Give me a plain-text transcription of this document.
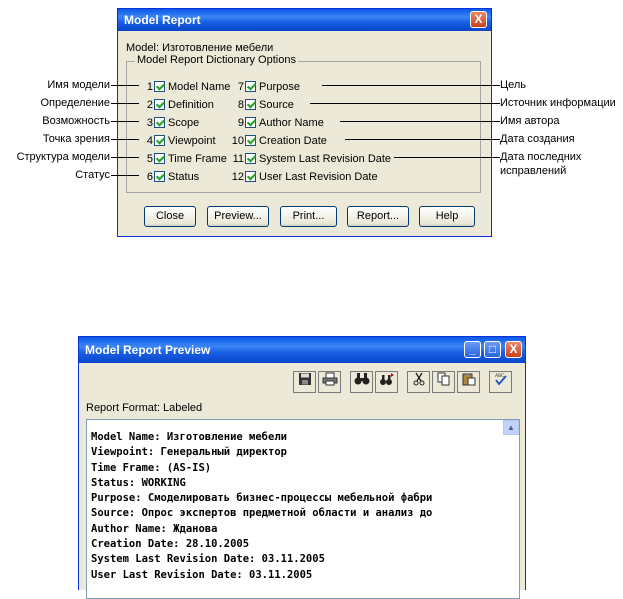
Model Report	X
Model: Изготовление мебели
Model Report Dictionary Options
1 Model Name
2 Definition
3 Scope
4 Viewpoint
5 Time Frame
6 Status
7 Purpose
8 Source
9 Author Name
10 Creation Date
11 System Last Revision Date
12 User Last Revision Date
Close	Preview...	Print...	Report...	Help
Имя модели
Определение
Возможность
Точка зрения
Структура модели
Статус
Цель
Источник информации
Имя автора
Дата создания
Дата последних
исправлений
Model Report Preview	_	□	X
ABC
Report Format: Labeled
▲
Model Name: Изготовление мебели
Viewpoint: Генеральный директор
Time Frame: (AS-IS)
Status: WORKING
Purpose: Смоделировать бизнес-процессы мебельной фабри
Source: Опрос экспертов предметной области и анализ до
Author Name: Жданова
Creation Date: 28.10.2005
System Last Revision Date: 03.11.2005
User Last Revision Date: 03.11.2005
